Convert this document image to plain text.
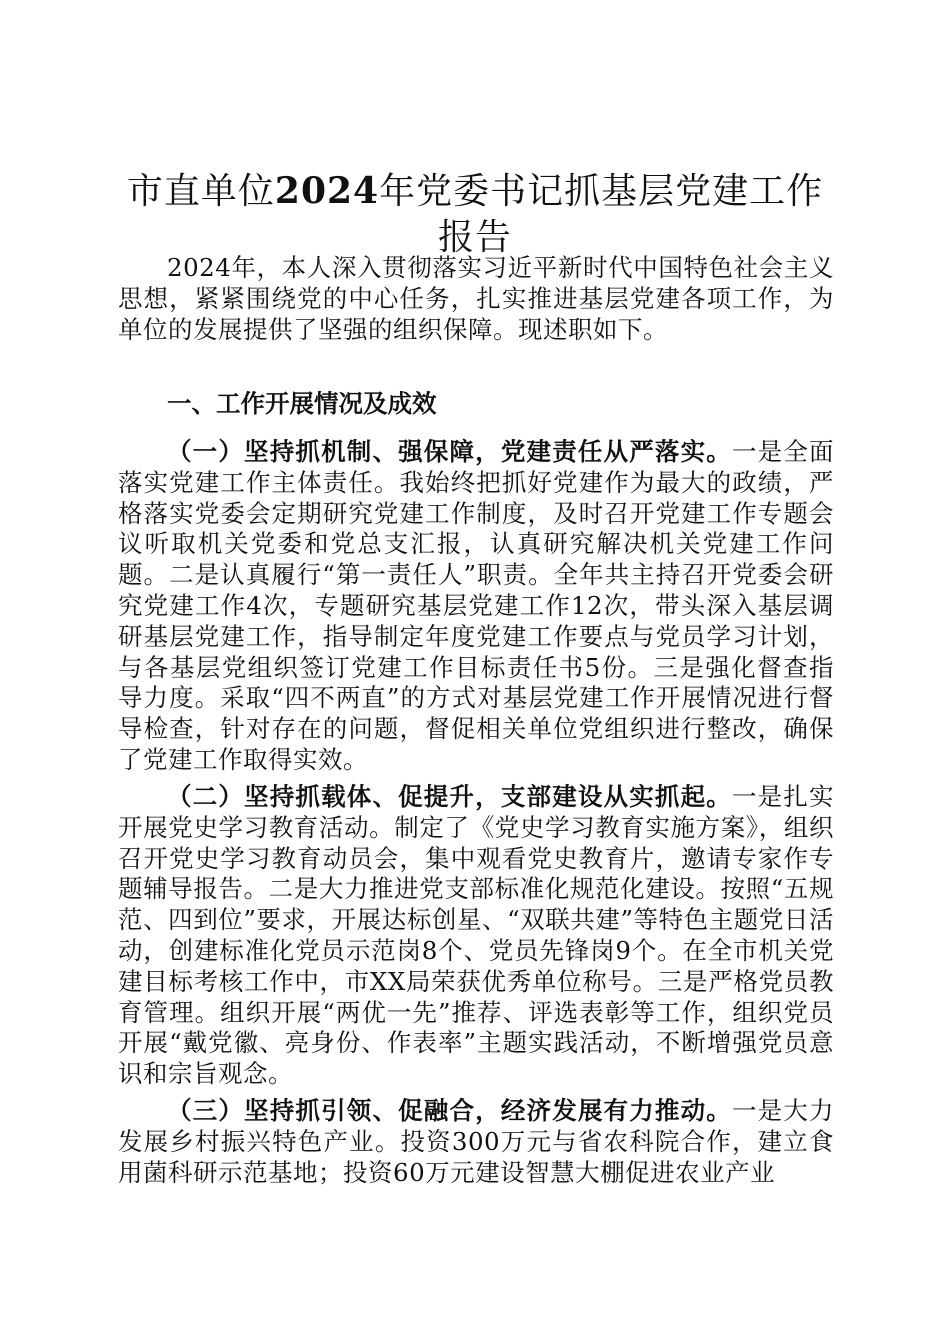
市直单位2024年党委书记抓基层党建工作报告

2024年，本人深入贯彻落实习近平新时代中国特色社会主义思想，紧紧围绕党的中心任务，扎实推进基层党建各项工作，为单位的发展提供了坚强的组织保障。现述职如下。

一、工作开展情况及成效

（一）坚持抓机制、强保障，党建责任从严落实。一是全面落实党建工作主体责任。我始终把抓好党建作为最大的政绩，严格落实党委会定期研究党建工作制度，及时召开党建工作专题会议听取机关党委和党总支汇报，认真研究解决机关党建工作问题。二是认真履行“第一责任人”职责。全年共主持召开党委会研究党建工作4次，专题研究基层党建工作12次，带头深入基层调研基层党建工作，指导制定年度党建工作要点与党员学习计划，与各基层党组织签订党建工作目标责任书5份。三是强化督查指导力度。采取“四不两直”的方式对基层党建工作开展情况进行督导检查，针对存在的问题，督促相关单位党组织进行整改，确保了党建工作取得实效。

（二）坚持抓载体、促提升，支部建设从实抓起。一是扎实开展党史学习教育活动。制定了《党史学习教育实施方案》，组织召开党史学习教育动员会，集中观看党史教育片，邀请专家作专题辅导报告。二是大力推进党支部标准化规范化建设。按照“五规范、四到位”要求，开展达标创星、“双联共建”等特色主题党日活动，创建标准化党员示范岗8个、党员先锋岗9个。在全市机关党建目标考核工作中，市XX局荣获优秀单位称号。三是严格党员教育管理。组织开展“两优一先”推荐、评选表彰等工作，组织党员开展“戴党徽、亮身份、作表率”主题实践活动，不断增强党员意识和宗旨观念。

（三）坚持抓引领、促融合，经济发展有力推动。一是大力发展乡村振兴特色产业。投资300万元与省农科院合作，建立食用菌科研示范基地；投资60万元建设智慧大棚促进农业产业
